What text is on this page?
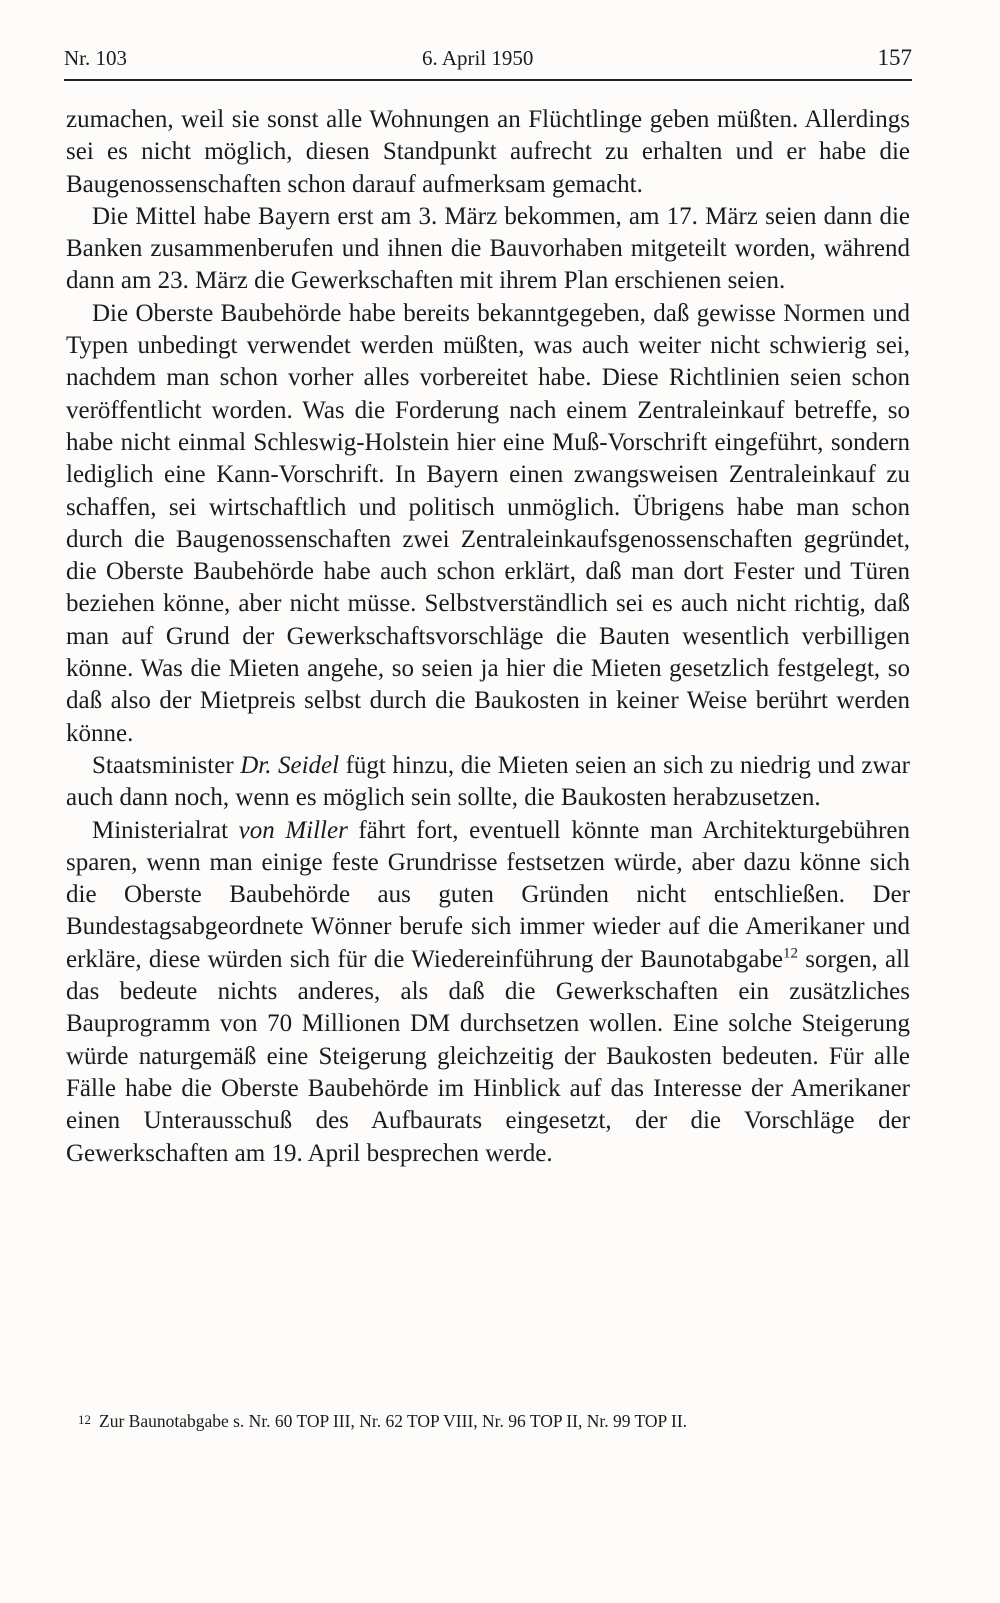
Nr. 103	6. April 1950	157

zumachen, weil sie sonst alle Wohnungen an Flüchtlinge geben müßten. Allerdings sei es nicht möglich, diesen Standpunkt aufrecht zu erhalten und er habe die Baugenossenschaften schon darauf aufmerksam gemacht.

Die Mittel habe Bayern erst am 3. März bekommen, am 17. März seien dann die Banken zusammenberufen und ihnen die Bauvorhaben mitgeteilt worden, während dann am 23. März die Gewerkschaften mit ihrem Plan erschienen seien.

Die Oberste Baubehörde habe bereits bekanntgegeben, daß gewisse Normen und Typen unbedingt verwendet werden müßten, was auch weiter nicht schwierig sei, nachdem man schon vorher alles vorbereitet habe. Diese Richtlinien seien schon veröffentlicht worden. Was die Forderung nach einem Zentraleinkauf betreffe, so habe nicht einmal Schleswig-Holstein hier eine Muß-Vorschrift eingeführt, sondern lediglich eine Kann-Vorschrift. In Bayern einen zwangsweisen Zentraleinkauf zu schaffen, sei wirtschaftlich und politisch unmöglich. Übrigens habe man schon durch die Baugenossenschaften zwei Zentraleinkaufsgenossenschaften gegründet, die Oberste Baubehörde habe auch schon erklärt, daß man dort Fester und Türen beziehen könne, aber nicht müsse. Selbstverständlich sei es auch nicht richtig, daß man auf Grund der Gewerkschaftsvorschläge die Bauten wesentlich verbilligen könne. Was die Mieten angehe, so seien ja hier die Mieten gesetzlich festgelegt, so daß also der Mietpreis selbst durch die Baukosten in keiner Weise berührt werden könne.

Staatsminister Dr. Seidel fügt hinzu, die Mieten seien an sich zu niedrig und zwar auch dann noch, wenn es möglich sein sollte, die Baukosten herabzusetzen.

Ministerialrat von Miller fährt fort, eventuell könnte man Architekturgebühren sparen, wenn man einige feste Grundrisse festsetzen würde, aber dazu könne sich die Oberste Baubehörde aus guten Gründen nicht entschließen. Der Bundestagsabgeordnete Wönner berufe sich immer wieder auf die Amerikaner und erkläre, diese würden sich für die Wiedereinführung der Baunotabgabe$^{12}$ sorgen, all das bedeute nichts anderes, als daß die Gewerkschaften ein zusätzliches Bauprogramm von 70 Millionen DM durchsetzen wollen. Eine solche Steigerung würde naturgemäß eine Steigerung gleichzeitig der Baukosten bedeuten. Für alle Fälle habe die Oberste Baubehörde im Hinblick auf das Interesse der Amerikaner einen Unterausschuß des Aufbaurats eingesetzt, der die Vorschläge der Gewerkschaften am 19. April besprechen werde.

12 Zur Baunotabgabe s. Nr. 60 TOP III, Nr. 62 TOP VIII, Nr. 96 TOP II, Nr. 99 TOP II.
